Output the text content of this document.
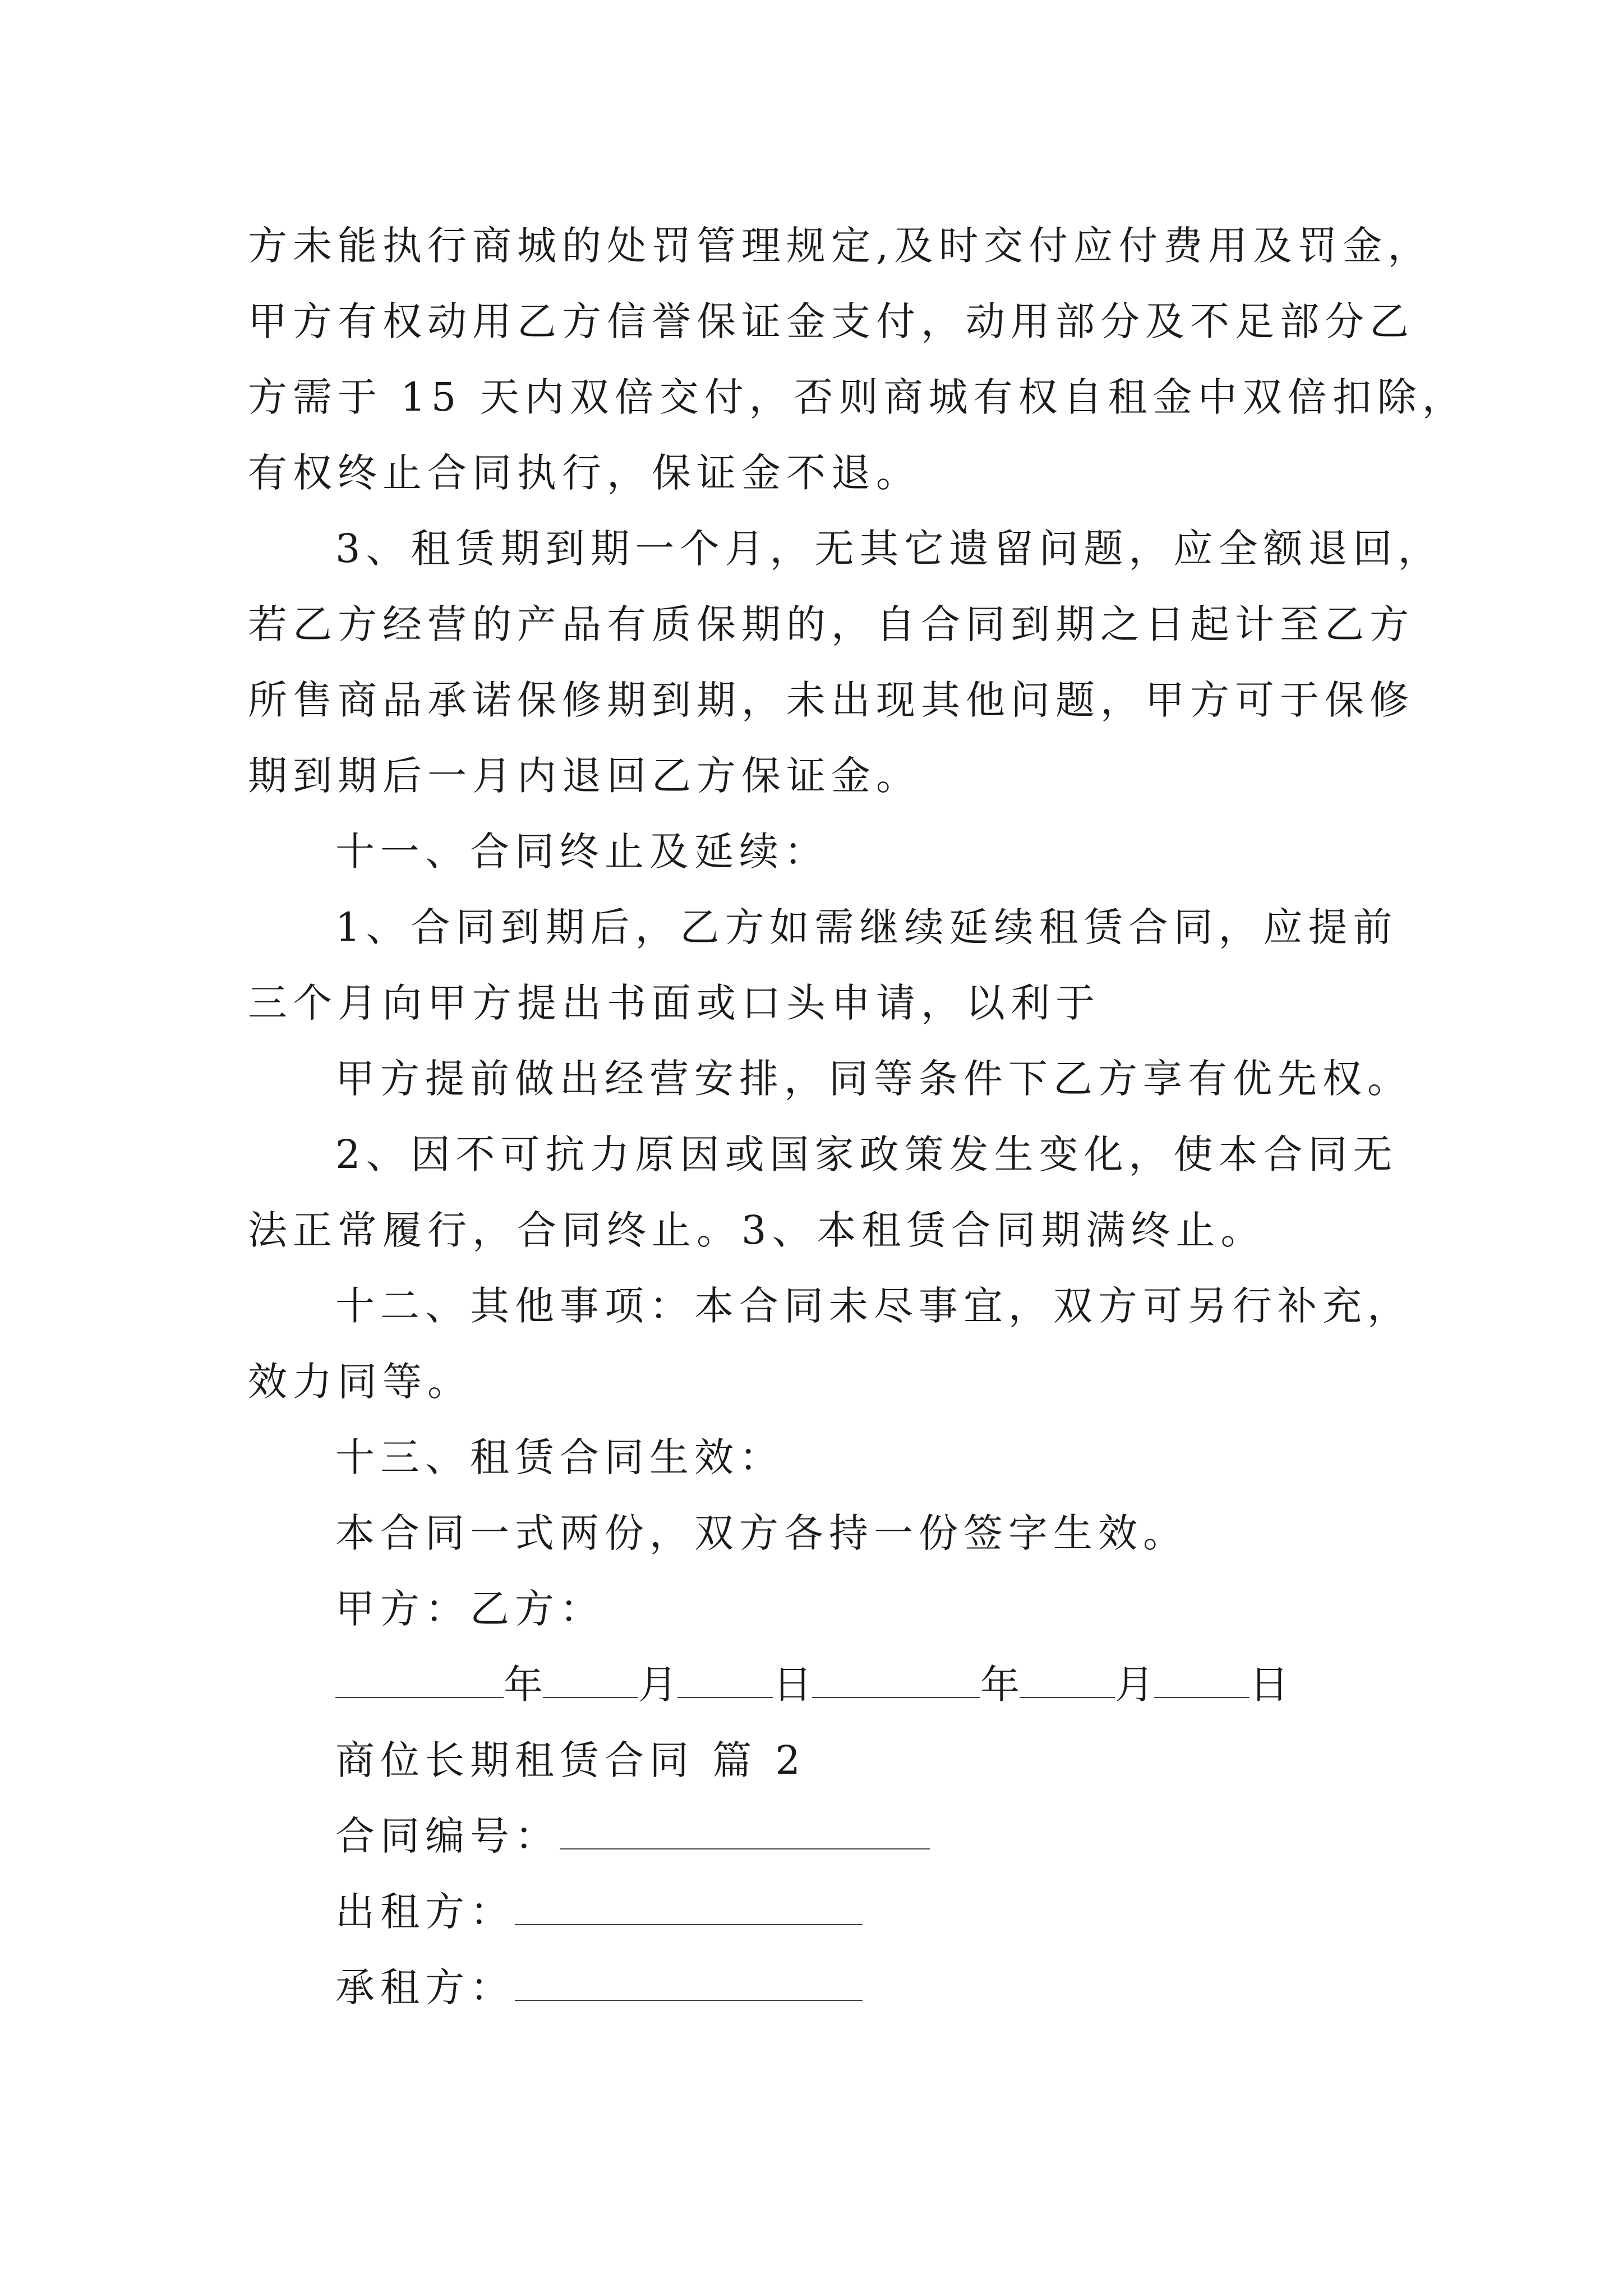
方未能执行商城的处罚管理规定,及时交付应付费用及罚金，
甲方有权动用乙方信誉保证金支付，动用部分及不足部分乙
方需于 15 天内双倍交付，否则商城有权自租金中双倍扣除，
有权终止合同执行，保证金不退。
3、租赁期到期一个月，无其它遗留问题，应全额退回，
若乙方经营的产品有质保期的，自合同到期之日起计至乙方
所售商品承诺保修期到期，未出现其他问题，甲方可于保修
期到期后一月内退回乙方保证金。
十一、合同终止及延续：
1、合同到期后，乙方如需继续延续租赁合同，应提前
三个月向甲方提出书面或口头申请，以利于
甲方提前做出经营安排，同等条件下乙方享有优先权。
2、因不可抗力原因或国家政策发生变化，使本合同无
法正常履行，合同终止。3、本租赁合同期满终止。
十二、其他事项：本合同未尽事宜，双方可另行补充，
效力同等。
十三、租赁合同生效：
本合同一式两份，双方各持一份签字生效。
甲方：乙方：
年 月 日	年 月 日
商位长期租赁合同 篇 2
合同编号：
出租方：
承租方：
